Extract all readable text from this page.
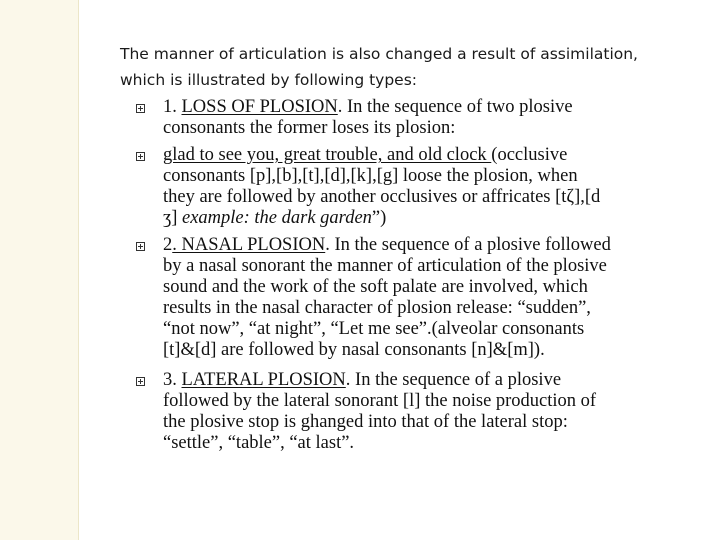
The manner of articulation is also changed a result of assimilation,
which is illustrated by following types:
1. LOSS OF PLOSION. In the sequence of two plosive
consonants the former loses its plosion:
glad to see you, great trouble, and old clock (occlusive
consonants [p],[b],[t],[d],[k],[g] loose the plosion, when
they are followed by another occlusives or affricates [tζ],[d
ʒ] example: the dark garden”)
2. NASAL PLOSION. In the sequence of a plosive followed
by a nasal sonorant the manner of articulation of the plosive
sound and the work of the soft palate are involved, which
results in the nasal character of plosion release: “sudden”,
“not now”, “at night”, “Let me see”.(alveolar consonants
[t]&[d] are followed by nasal consonants [n]&[m]).
3. LATERAL PLOSION. In the sequence of a plosive
followed by the lateral sonorant [l] the noise production of
the plosive stop is ghanged into that of the lateral stop:
“settle”, “table”, “at last”.
